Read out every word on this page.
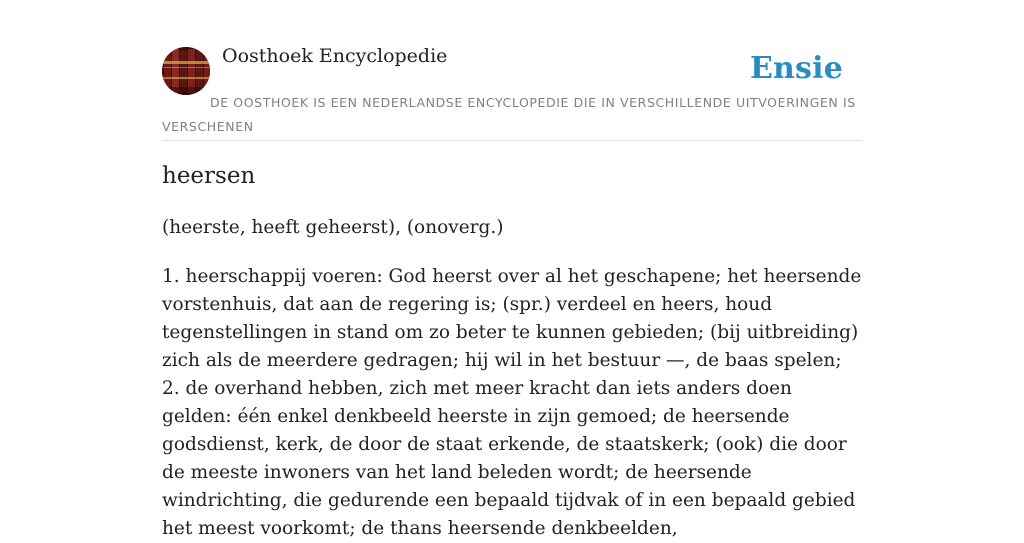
Oosthoek Encyclopedie	Ensie
DE OOSTHOEK IS EEN NEDERLANDSE ENCYCLOPEDIE DIE IN VERSCHILLENDE UITVOERINGEN IS VERSCHENEN
heersen

(heerste, heeft geheerst), (onoverg.)

1. heerschappij voeren: God heerst over al het geschapene; het heersende vorstenhuis, dat aan de regering is; (spr.) verdeel en heers, houd tegenstellingen in stand om zo beter te kunnen gebieden; (bij uitbreiding) zich als de meerdere gedragen; hij wil in het bestuur —, de baas spelen;
2. de overhand hebben, zich met meer kracht dan iets anders doen gelden: één enkel denkbeeld heerste in zijn gemoed; de heersende godsdienst, kerk, de door de staat erkende, de staatskerk; (ook) die door de meeste inwoners van het land beleden wordt; de heersende windrichting, die gedurende een bepaald tijdvak of in een bepaald gebied het meest voorkomt; de thans heersende denkbeelden,
